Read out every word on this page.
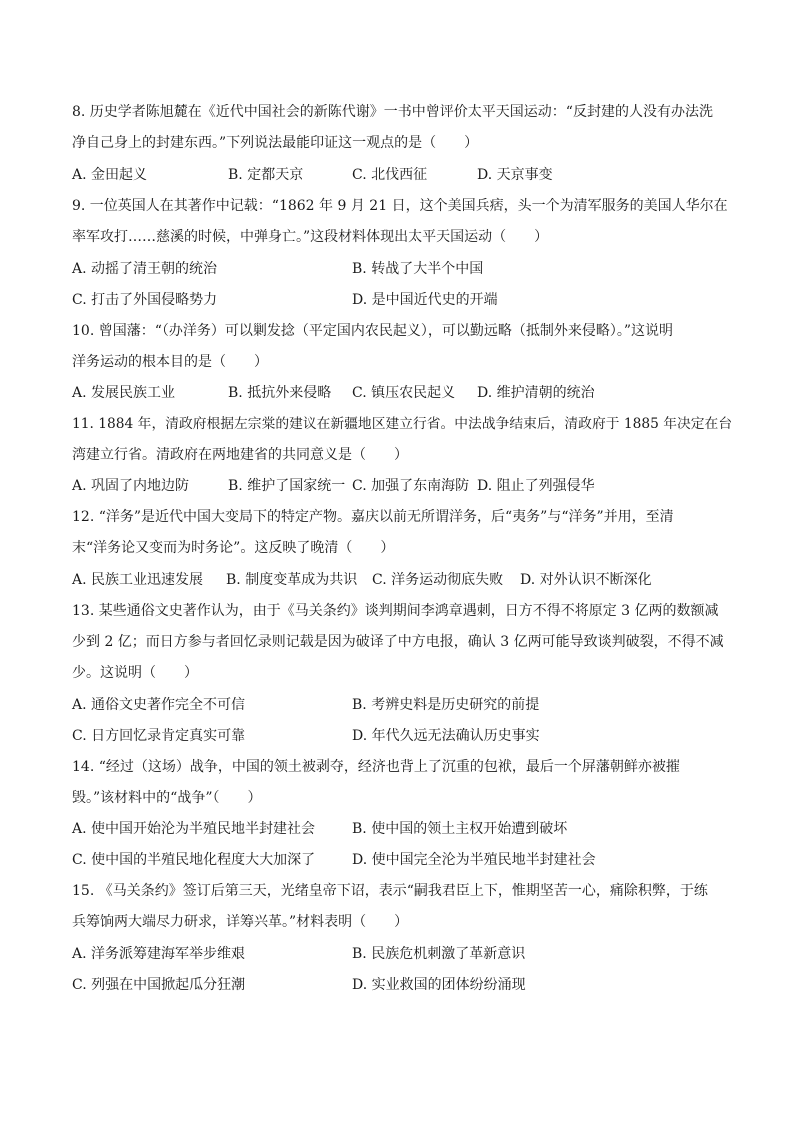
8. 历史学者陈旭麓在《近代中国社会的新陈代谢》一书中曾评价太平天国运动：“反封建的人没有办法洗
净自己身上的封建东西。”下列说法最能印证这一观点的是（　　）
A. 金田起义	B. 定都天京	C. 北伐西征	D. 天京事变
9. 一位英国人在其著作中记载：“1862 年 9 月 21 日，这个美国兵痞，头一个为清军服务的美国人华尔在
率军攻打……慈溪的时候，中弹身亡。”这段材料体现出太平天国运动（　　）
A. 动摇了清王朝的统治	B. 转战了大半个中国
C. 打击了外国侵略势力	D. 是中国近代史的开端
10. 曾国藩：“（办洋务）可以剿发捻（平定国内农民起义），可以勤远略（抵制外来侵略）。”这说明
洋务运动的根本目的是（　　）
A. 发展民族工业	B. 抵抗外来侵略 C. 镇压农民起义 D. 维护清朝的统治
11. 1884 年，清政府根据左宗棠的建议在新疆地区建立行省。中法战争结束后，清政府于 1885 年决定在台
湾建立行省。清政府在两地建省的共同意义是（　　）
A. 巩固了内地边防	B. 维护了国家统一 C. 加强了东南海防 D. 阻止了列强侵华
12. “洋务”是近代中国大变局下的特定产物。嘉庆以前无所谓洋务，后“夷务”与“洋务”并用，至清
末“洋务论又变而为时务论”。这反映了晚清（　　）
A. 民族工业迅速发展 B. 制度变革成为共识 C. 洋务运动彻底失败 D. 对外认识不断深化
13. 某些通俗文史著作认为，由于《马关条约》谈判期间李鸿章遇刺，日方不得不将原定 3 亿两的数额减
少到 2 亿；而日方参与者回忆录则记载是因为破译了中方电报，确认 3 亿两可能导致谈判破裂，不得不减
少。这说明（　　）
A. 通俗文史著作完全不可信	B. 考辨史料是历史研究的前提
C. 日方回忆录肯定真实可靠	D. 年代久远无法确认历史事实
14. “经过（这场）战争，中国的领土被剥夺，经济也背上了沉重的包袱，最后一个屏藩朝鲜亦被摧
毁。”该材料中的“战争”（　　）
A. 使中国开始沦为半殖民地半封建社会	B. 使中国的领土主权开始遭到破坏
C. 使中国的半殖民地化程度大大加深了	D. 使中国完全沦为半殖民地半封建社会
15. 《马关条约》签订后第三天，光绪皇帝下诏，表示“嗣我君臣上下，惟期坚苦一心，痛除积弊，于练
兵筹饷两大端尽力研求，详筹兴革。”材料表明（　　）
A. 洋务派筹建海军举步维艰	B. 民族危机刺激了革新意识
C. 列强在中国掀起瓜分狂潮	D. 实业救国的团体纷纷涌现
